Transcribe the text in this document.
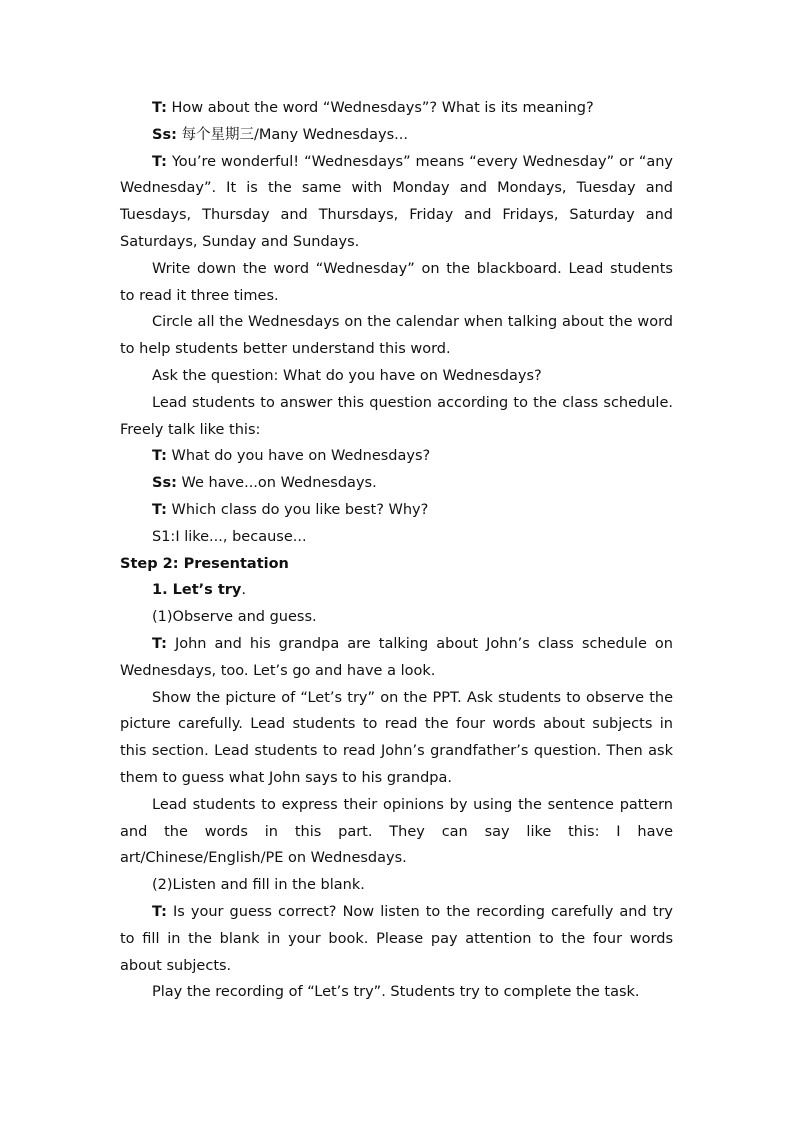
T: How about the word “Wednesdays”? What is its meaning?

Ss: 每个星期三/Many Wednesdays...

T: You’re wonderful! “Wednesdays” means “every Wednesday” or “any Wednesday”. It is the same with Monday and Mondays, Tuesday and Tuesdays, Thursday and Thursdays, Friday and Fridays, Saturday and Saturdays, Sunday and Sundays.

Write down the word “Wednesday” on the blackboard. Lead students to read it three times.

Circle all the Wednesdays on the calendar when talking about the word to help students better understand this word.

Ask the question: What do you have on Wednesdays?

Lead students to answer this question according to the class schedule. Freely talk like this:

T: What do you have on Wednesdays?

Ss: We have...on Wednesdays.

T: Which class do you like best? Why?

S1:I like..., because...

Step 2: Presentation

1. Let’s try.

(1)Observe and guess.

T: John and his grandpa are talking about John’s class schedule on Wednesdays, too. Let’s go and have a look.

Show the picture of “Let’s try” on the PPT. Ask students to observe the picture carefully. Lead students to read the four words about subjects in this section. Lead students to read John’s grandfather’s question. Then ask them to guess what John says to his grandpa.

Lead students to express their opinions by using the sentence pattern and the words in this part. They can say like this: I have art/Chinese/English/PE on Wednesdays.

(2)Listen and fill in the blank.

T: Is your guess correct? Now listen to the recording carefully and try to fill in the blank in your book. Please pay attention to the four words about subjects.

Play the recording of “Let’s try”. Students try to complete the task.
